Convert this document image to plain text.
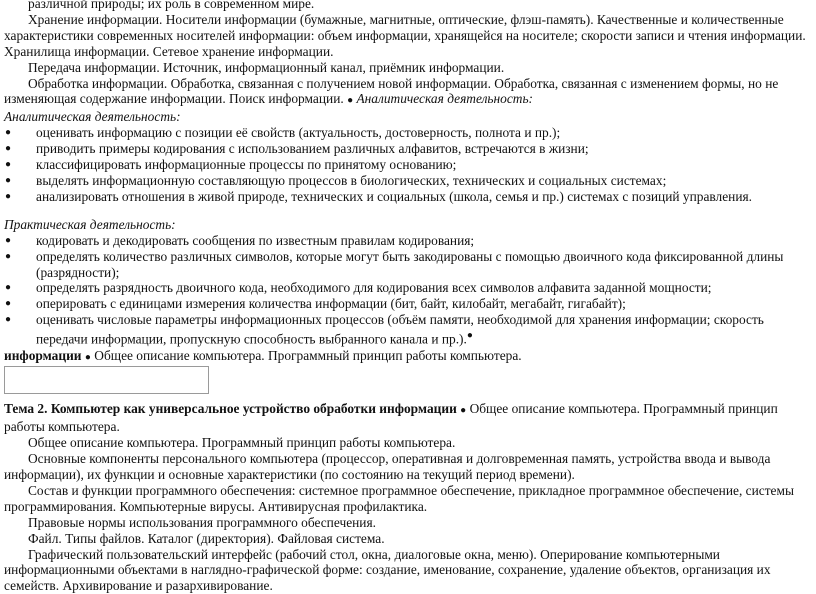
различной природы; их роль в современном мире.

Хранение информации. Носители информации (бумажные, магнитные, оптические, флэш-память). Качественные и количественные характеристики современных носителей информации: объем информации, хранящейся на носителе; скорости записи и чтения информации. Хранилища информации. Сетевое хранение информации.

Передача информации. Источник, информационный канал, приёмник информации.

Обработка информации. Обработка, связанная с получением новой информации. Обработка, связанная с изменением формы, но не изменяющая содержание информации. Поиск информации. ● Аналитическая деятельность:

Аналитическая деятельность:

● оценивать информацию с позиции её свойств (актуальность, достоверность, полнота и пр.);
● приводить примеры кодирования с использованием различных алфавитов, встречаются в жизни;
● классифицировать информационные процессы по принятому основанию;
● выделять информационную составляющую процессов в биологических, технических и социальных системах;
● анализировать отношения в живой природе, технических и социальных (школа, семья и пр.) системах с позиций управления.

Практическая деятельность:

● кодировать и декодировать сообщения по известным правилам кодирования;
● определять количество различных символов, которые могут быть закодированы с помощью двоичного кода фиксированной длины (разрядности);
● определять разрядность двоичного кода, необходимого для кодирования всех символов алфавита заданной мощности;
● оперировать с единицами измерения количества информации (бит, байт, килобайт, мегабайт, гигабайт);
● оценивать числовые параметры информационных процессов (объём памяти, необходимой для хранения информации; скорость передачи информации, пропускную способность выбранного канала и пр.).●

информации ● Общее описание компьютера. Программный принцип работы компьютера.

Тема 2. Компьютер как универсальное устройство обработки информации ● Общее описание компьютера. Программный принцип работы компьютера.

Общее описание компьютера. Программный принцип работы компьютера.

Основные компоненты персонального компьютера (процессор, оперативная и долговременная память, устройства ввода и вывода информации), их функции и основные характеристики (по состоянию на текущий период времени).

Состав и функции программного обеспечения: системное программное обеспечение, прикладное программное обеспечение, системы программирования. Компьютерные вирусы. Антивирусная профилактика.

Правовые нормы использования программного обеспечения.

Файл. Типы файлов. Каталог (директория). Файловая система.

Графический пользовательский интерфейс (рабочий стол, окна, диалоговые окна, меню). Оперирование компьютерными информационными объектами в наглядно-графической форме: создание, именование, сохранение, удаление объектов, организация их семейств. Архивирование и разархивирование.
